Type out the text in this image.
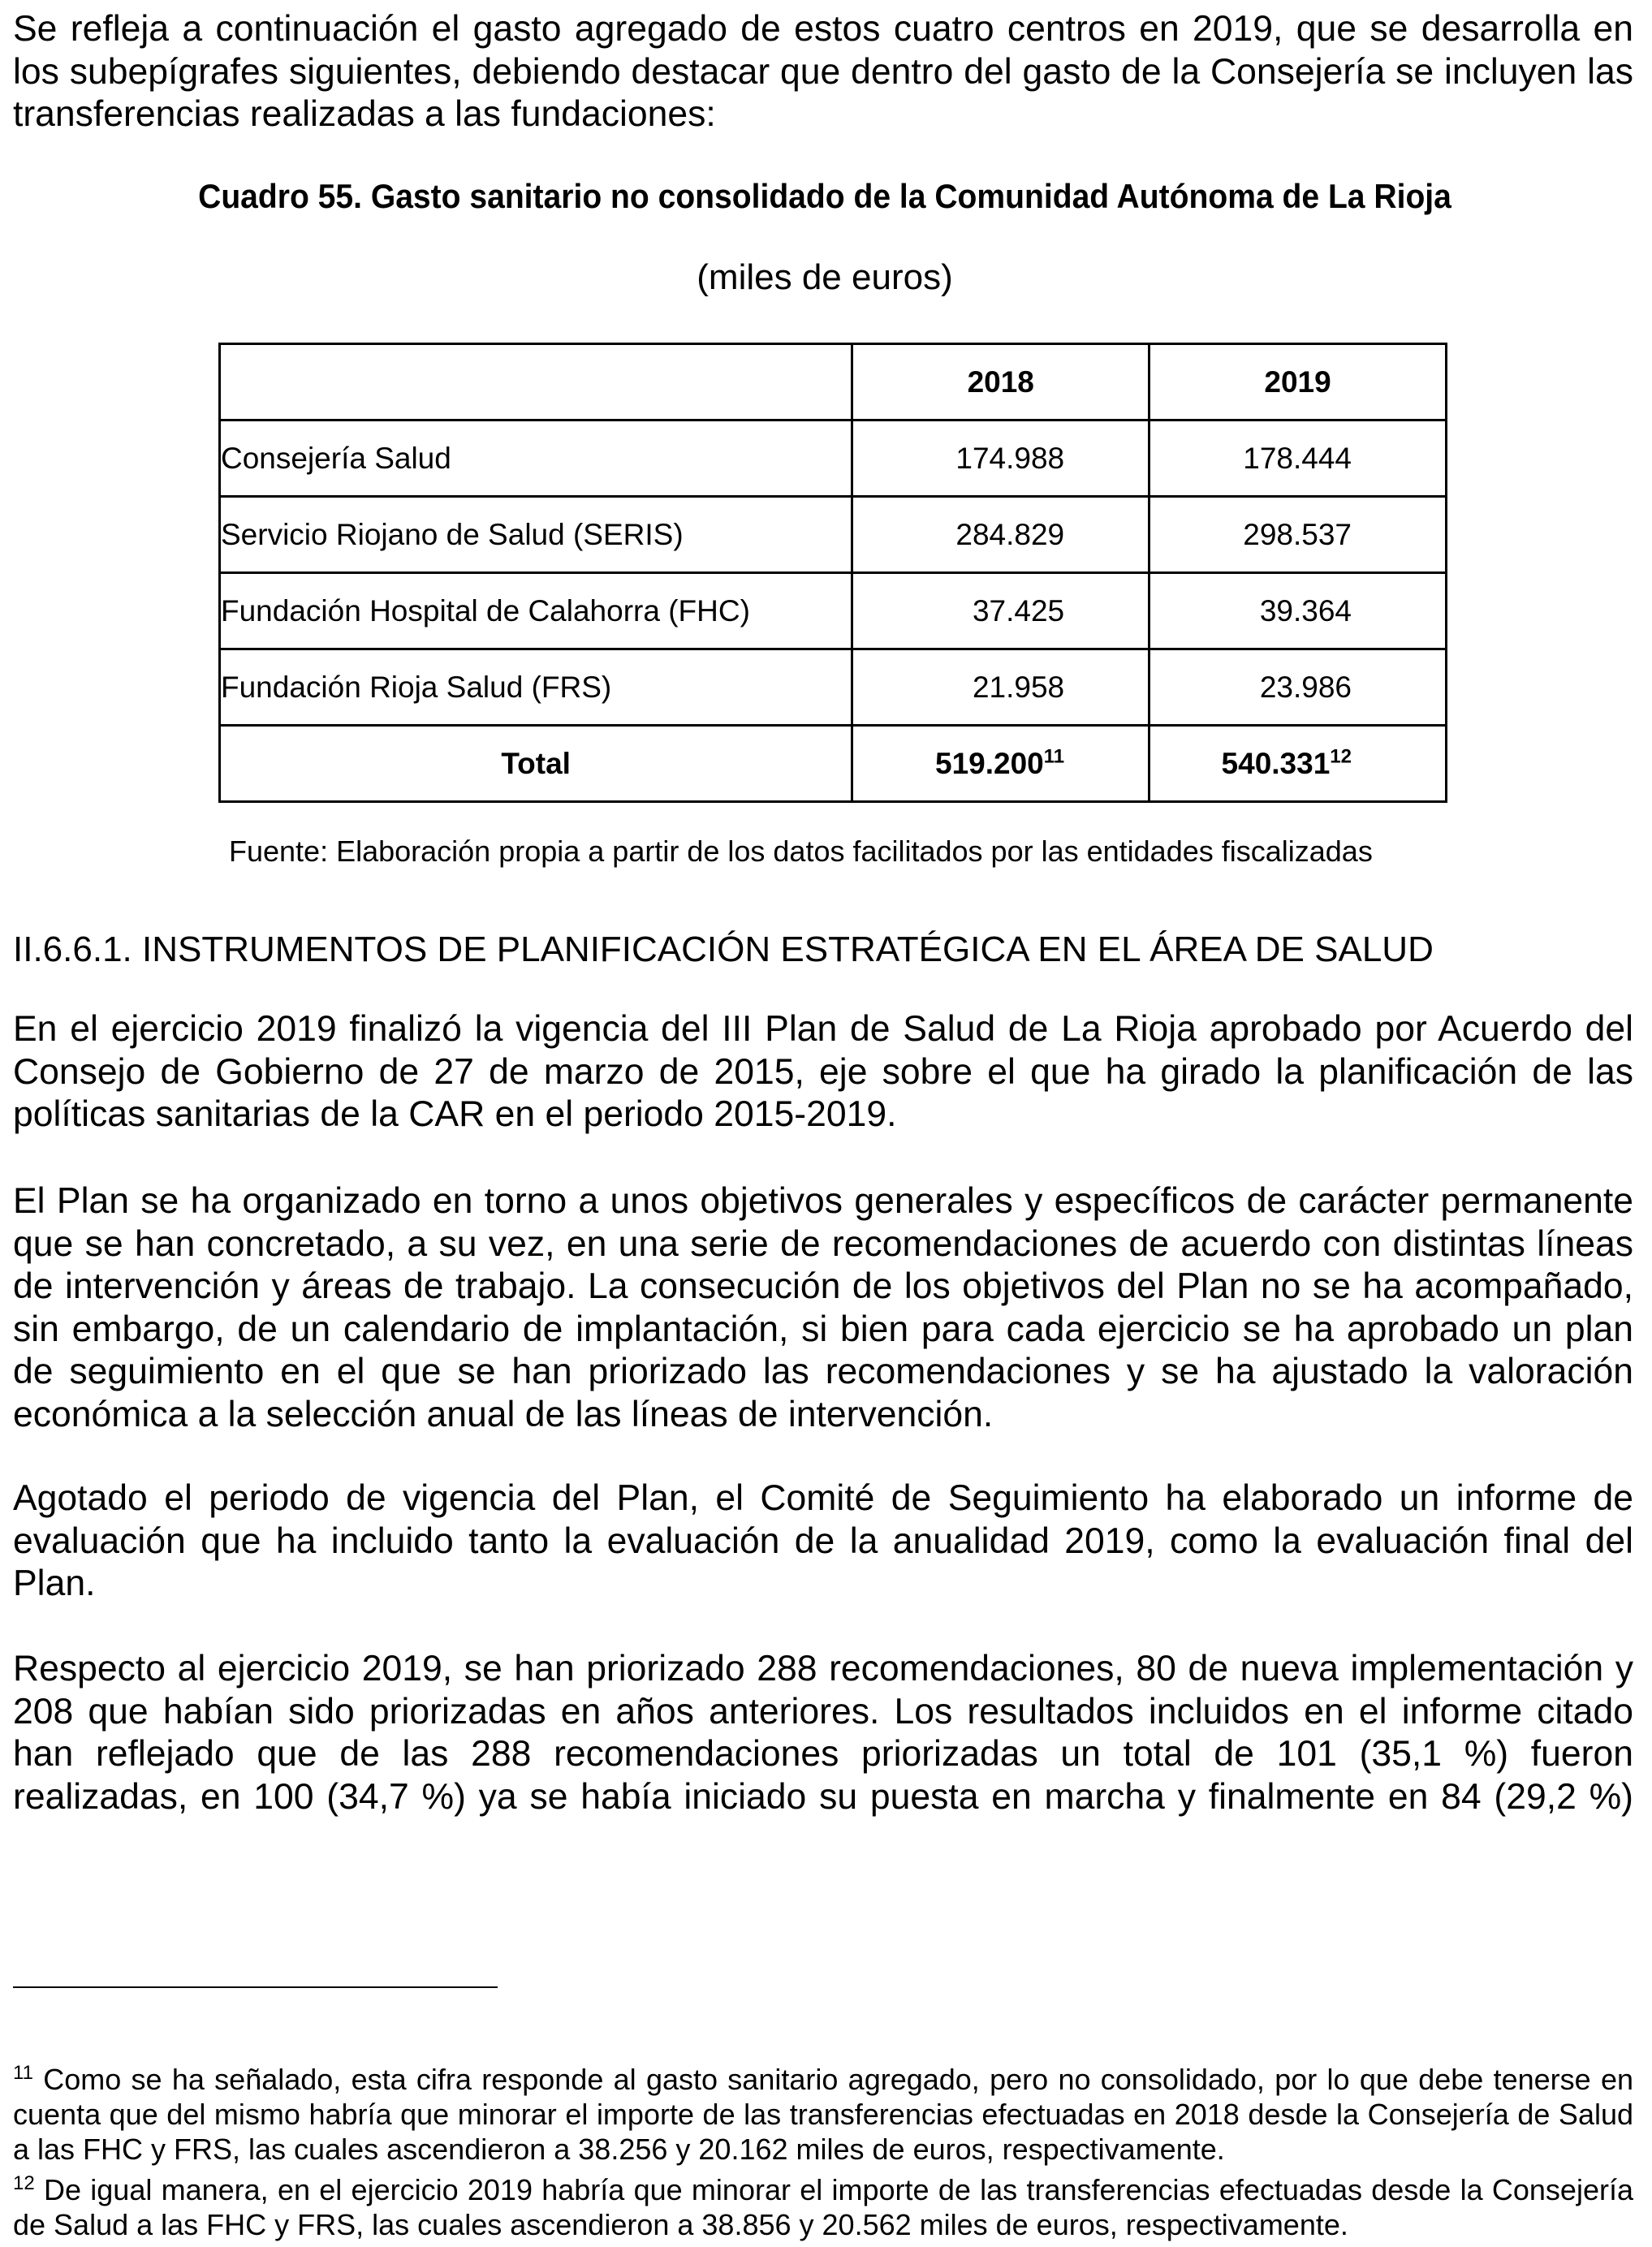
Se refleja a continuación el gasto agregado de estos cuatro centros en 2019, que se desarrolla en los subepígrafes siguientes, debiendo destacar que dentro del gasto de la Consejería se incluyen las transferencias realizadas a las fundaciones:

Cuadro 55. Gasto sanitario no consolidado de la Comunidad Autónoma de La Rioja
(miles de euros)
	2018	2019
Consejería Salud	174.988	178.444
Servicio Riojano de Salud (SERIS)	284.829	298.537
Fundación Hospital de Calahorra (FHC)	37.425	39.364
Fundación Rioja Salud (FRS)	21.958	23.986
Total	519.200$^{11}$	540.331$^{12}$
Fuente: Elaboración propia a partir de los datos facilitados por las entidades fiscalizadas
II.6.6.1. INSTRUMENTOS DE PLANIFICACIÓN ESTRATÉGICA EN EL ÁREA DE SALUD

En el ejercicio 2019 finalizó la vigencia del III Plan de Salud de La Rioja aprobado por Acuerdo del Consejo de Gobierno de 27 de marzo de 2015, eje sobre el que ha girado la planificación de las políticas sanitarias de la CAR en el periodo 2015-2019.

El Plan se ha organizado en torno a unos objetivos generales y específicos de carácter permanente que se han concretado, a su vez, en una serie de recomendaciones de acuerdo con distintas líneas de intervención y áreas de trabajo. La consecución de los objetivos del Plan no se ha acompañado, sin embargo, de un calendario de implantación, si bien para cada ejercicio se ha aprobado un plan de seguimiento en el que se han priorizado las recomendaciones y se ha ajustado la valoración económica a la selección anual de las líneas de intervención.

Agotado el periodo de vigencia del Plan, el Comité de Seguimiento ha elaborado un informe de evaluación que ha incluido tanto la evaluación de la anualidad 2019, como la evaluación final del Plan.

Respecto al ejercicio 2019, se han priorizado 288 recomendaciones, 80 de nueva implementación y 208 que habían sido priorizadas en años anteriores. Los resultados incluidos en el informe citado han reflejado que de las 288 recomendaciones priorizadas un total de 101 (35,1 %) fueron realizadas, en 100 (34,7 %) ya se había iniciado su puesta en marcha y finalmente en 84 (29,2 %)

$^{11}$ Como se ha señalado, esta cifra responde al gasto sanitario agregado, pero no consolidado, por lo que debe tenerse en cuenta que del mismo habría que minorar el importe de las transferencias efectuadas en 2018 desde la Consejería de Salud a las FHC y FRS, las cuales ascendieron a 38.256 y 20.162 miles de euros, respectivamente.

$^{12}$ De igual manera, en el ejercicio 2019 habría que minorar el importe de las transferencias efectuadas desde la Consejería de Salud a las FHC y FRS, las cuales ascendieron a 38.856 y 20.562 miles de euros, respectivamente.
